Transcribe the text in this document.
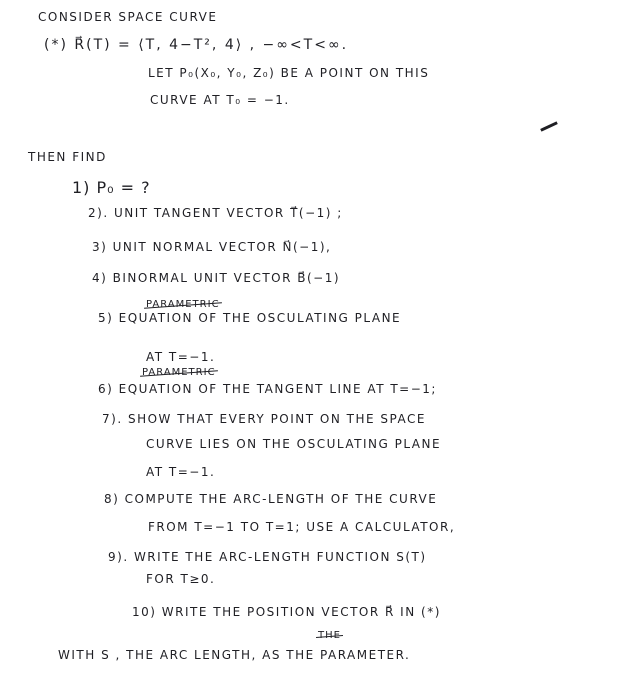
CONSIDER SPACE CURVE
(*) R⃗(T) = ⟨T, 4−T², 4⟩ , −∞<T<∞.
LET P₀(X₀, Y₀, Z₀) BE A POINT ON THIS
CURVE AT T₀ = −1.
THEN FIND
1) P₀ = ?
2). UNIT TANGENT VECTOR T⃗(−1) ;
3) UNIT NORMAL VECTOR N⃗(−1),
4) BINORMAL UNIT VECTOR B⃗(−1)
PARAMETRIC
5) EQUATION OF THE OSCULATING PLANE
AT T=−1.
PARAMETRIC
6) EQUATION OF THE TANGENT LINE AT T=−1;
7). SHOW THAT EVERY POINT ON THE SPACE
CURVE LIES ON THE OSCULATING PLANE
AT T=−1.
8) COMPUTE THE ARC-LENGTH OF THE CURVE
FROM T=−1 TO T=1; USE A CALCULATOR,
9). WRITE THE ARC-LENGTH FUNCTION S(T)
FOR T≥0.
10) WRITE THE POSITION VECTOR R⃗ IN (*)
THE
WITH S , THE ARC LENGTH, AS THE PARAMETER.
